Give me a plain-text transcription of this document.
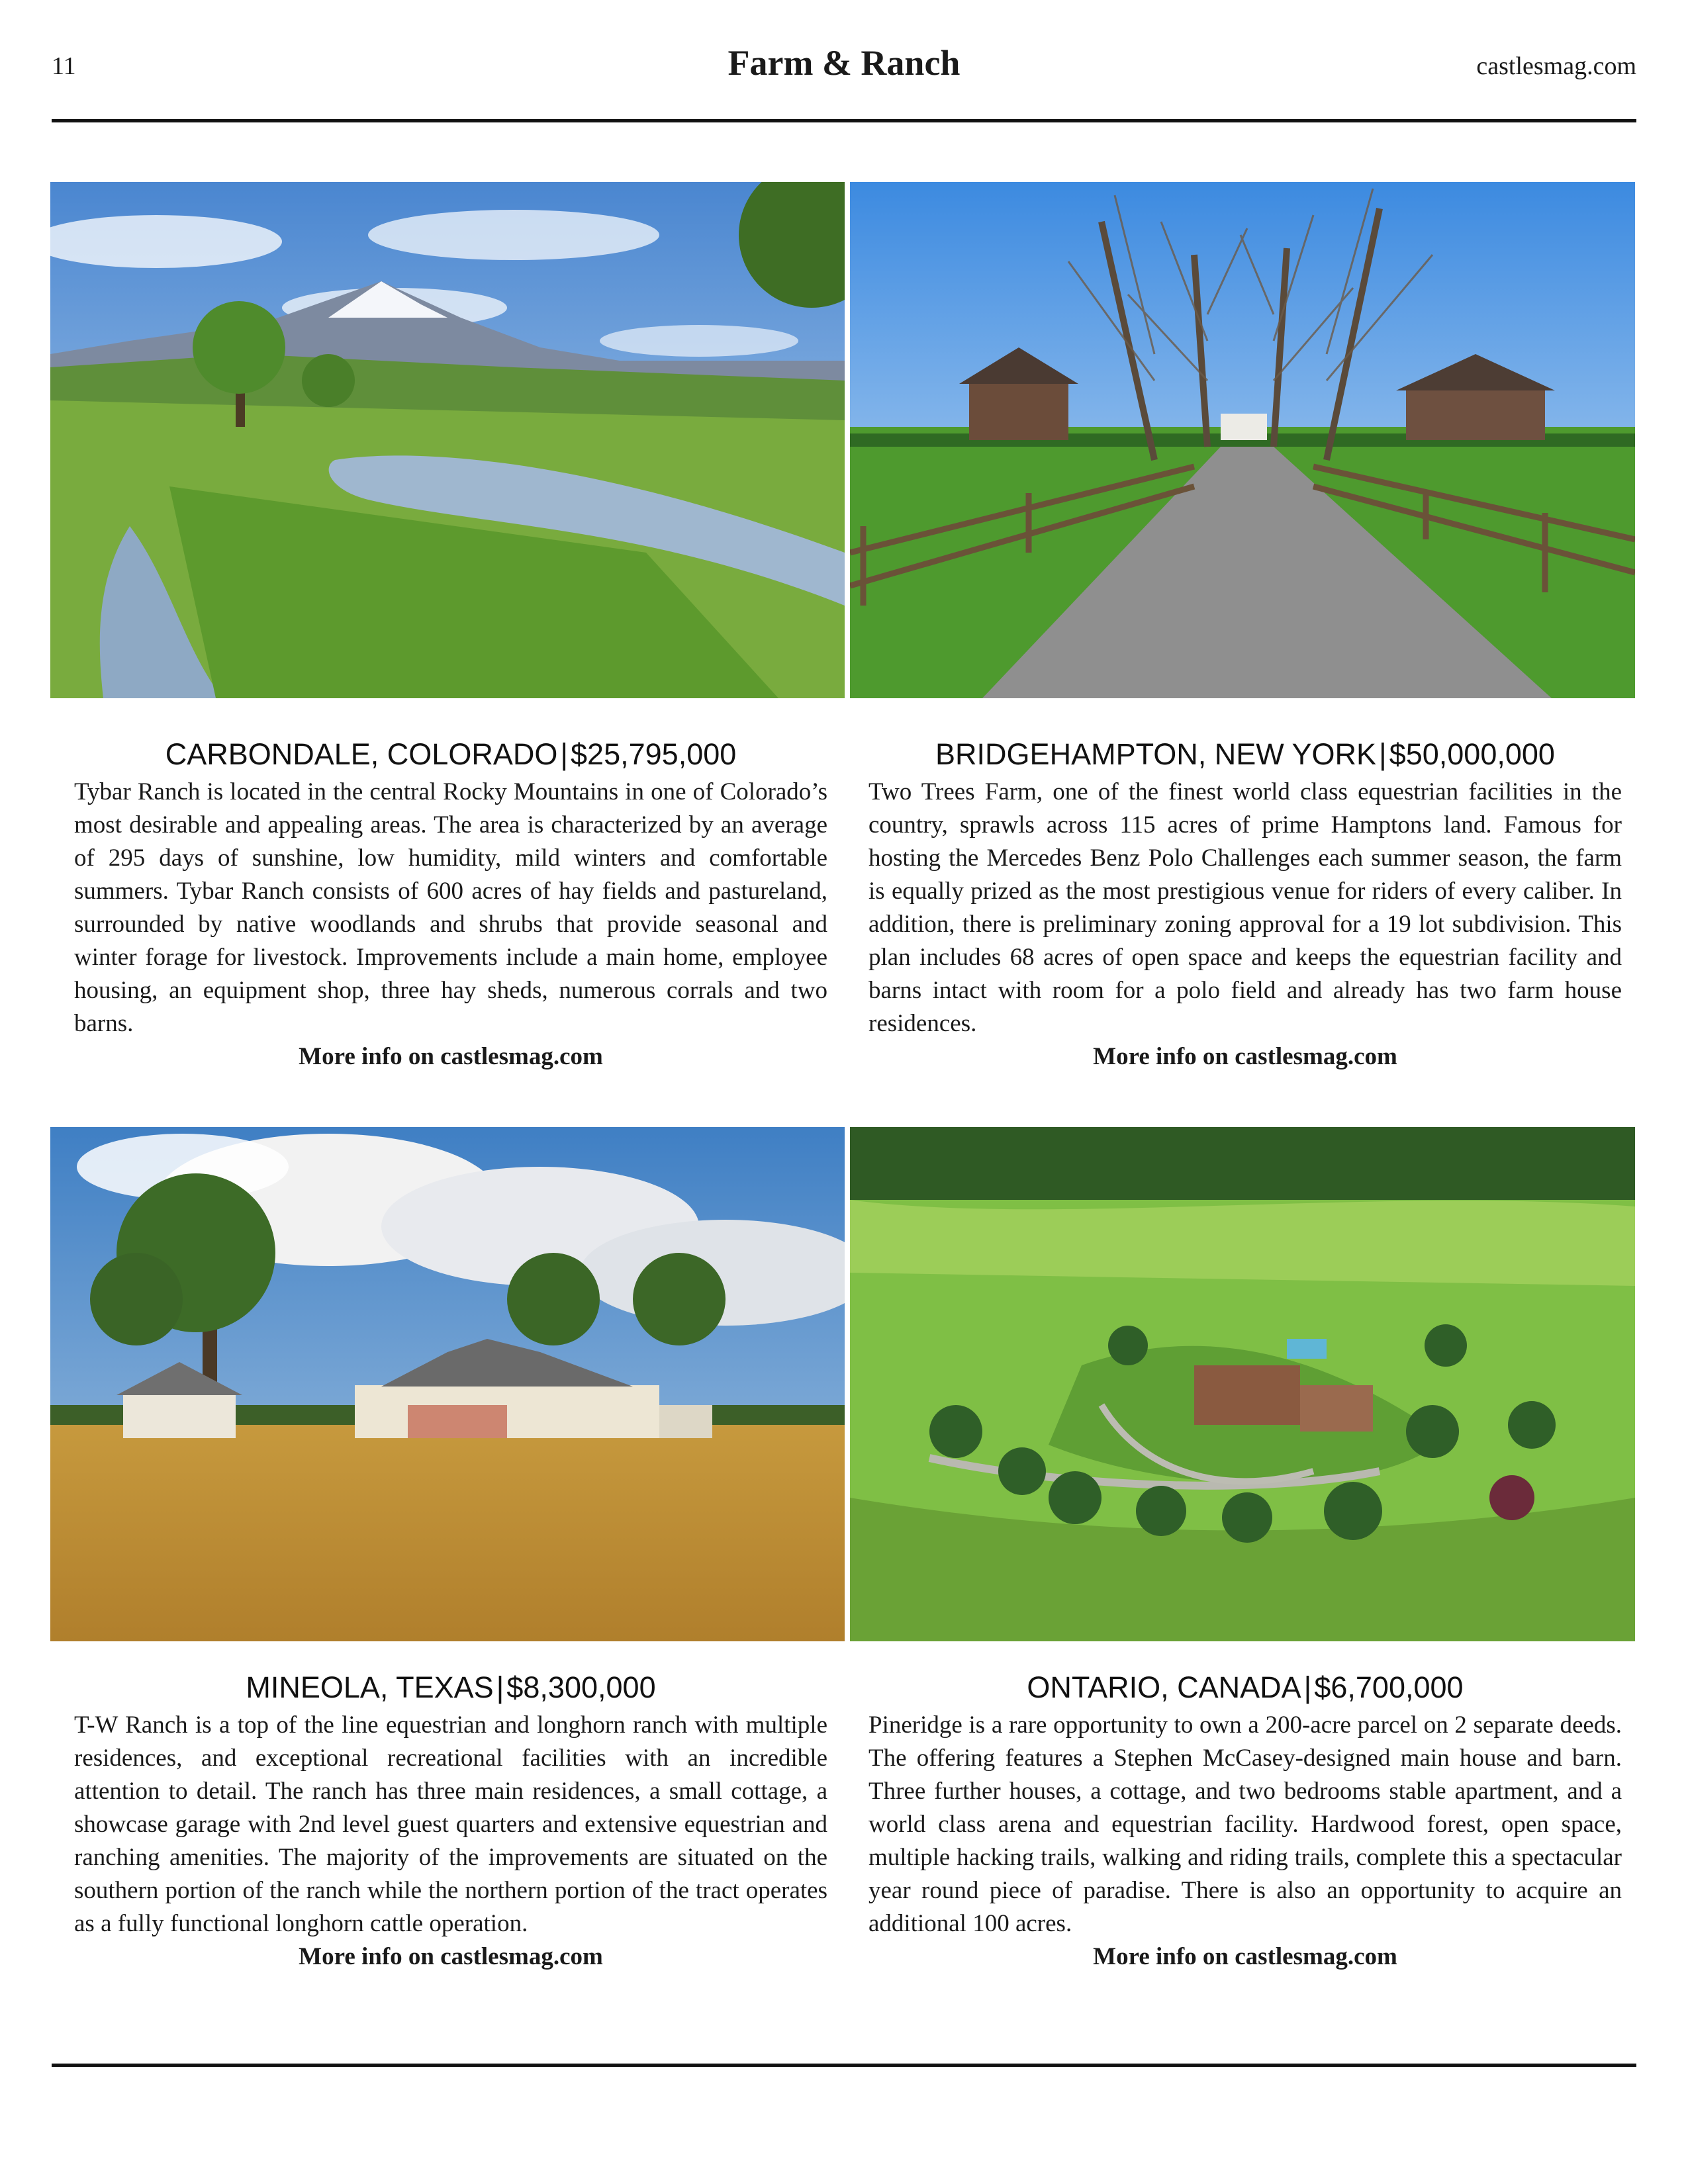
11	Farm & Ranch	castlesmag.com
CARBONDALE, COLORADO|$25,795,000
Tybar Ranch is located in the central Rocky Mountains in one of Colorado’s most desirable and appealing areas. The area is characterized by an average of 295 days of sunshine, low humidity, mild winters and comfortable summers. Tybar Ranch consists of 600 acres of hay fields and pastureland, surrounded by native woodlands and shrubs that provide seasonal and winter forage for livestock. Improvements include a main home, employee housing, an equipment shop, three hay sheds, numerous corrals and two barns.
More info on castlesmag.com
BRIDGEHAMPTON, NEW YORK|$50,000,000
Two Trees Farm, one of the finest world class equestrian facilities in the country, sprawls across 115 acres of prime Hamptons land. Famous for hosting the Mercedes Benz Polo Challenges each summer season, the farm is equally prized as the most prestigious venue for riders of every caliber. In addition, there is preliminary zoning approval for a 19 lot subdivision. This plan includes 68 acres of open space and keeps the equestrian facility and barns intact with room for a polo field and already has two farm house residences.
More info on castlesmag.com
MINEOLA, TEXAS|$8,300,000
T-W Ranch is a top of the line equestrian and longhorn ranch with multiple residences, and exceptional recreational facilities with an incredible attention to detail. The ranch has three main residences, a small cottage, a showcase garage with 2nd level guest quarters and extensive equestrian and ranching amenities. The majority of the improvements are situated on the southern portion of the ranch while the northern portion of the tract operates as a fully functional longhorn cattle operation.
More info on castlesmag.com
ONTARIO, CANADA|$6,700,000
Pineridge is a rare opportunity to own a 200-acre parcel on 2 separate deeds. The offering features a Stephen McCasey-designed main house and barn. Three further houses, a cottage, and two bedrooms stable apartment, and a world class arena and equestrian facility. Hardwood forest, open space, multiple hacking trails, walking and riding trails, complete this a spectacular year round piece of paradise. There is also an opportunity to acquire an additional 100 acres.
More info on castlesmag.com
